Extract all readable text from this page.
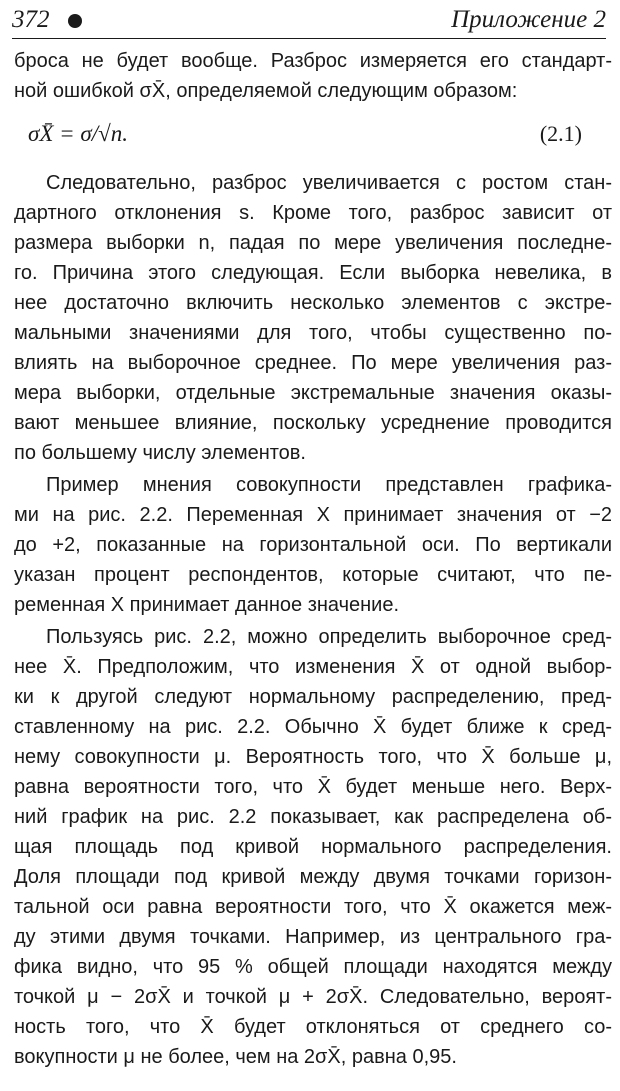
372	Приложение 2
броса не будет вообще. Разброс измеряется его стандарт-
ной ошибкой σX̄, определяемой следующим образом:
σX̄ = σ/√n.	(2.1)
Следовательно, разброс увеличивается с ростом стан-
дартного отклонения s. Кроме того, разброс зависит от
размера выборки n, падая по мере увеличения последне-
го. Причина этого следующая. Если выборка невелика, в
нее достаточно включить несколько элементов с экстре-
мальными значениями для того, чтобы существенно по-
влиять на выборочное среднее. По мере увеличения раз-
мера выборки, отдельные экстремальные значения оказы-
вают меньшее влияние, поскольку усреднение проводится
по большему числу элементов.
Пример мнения совокупности представлен графика-
ми на рис. 2.2. Переменная X принимает значения от −2
до +2, показанные на горизонтальной оси. По вертикали
указан процент респондентов, которые считают, что пе-
ременная X принимает данное значение.
Пользуясь рис. 2.2, можно определить выборочное сред-
нее X̄. Предположим, что изменения X̄ от одной выбор-
ки к другой следуют нормальному распределению, пред-
ставленному на рис. 2.2. Обычно X̄ будет ближе к сред-
нему совокупности μ. Вероятность того, что X̄ больше μ,
равна вероятности того, что X̄ будет меньше него. Верх-
ний график на рис. 2.2 показывает, как распределена об-
щая площадь под кривой нормального распределения.
Доля площади под кривой между двумя точками горизон-
тальной оси равна вероятности того, что X̄ окажется меж-
ду этими двумя точками. Например, из центрального гра-
фика видно, что 95 % общей площади находятся между
точкой μ − 2σX̄ и точкой μ + 2σX̄. Следовательно, вероят-
ность того, что X̄ будет отклоняться от среднего со-
вокупности μ не более, чем на 2σX̄, равна 0,95.
